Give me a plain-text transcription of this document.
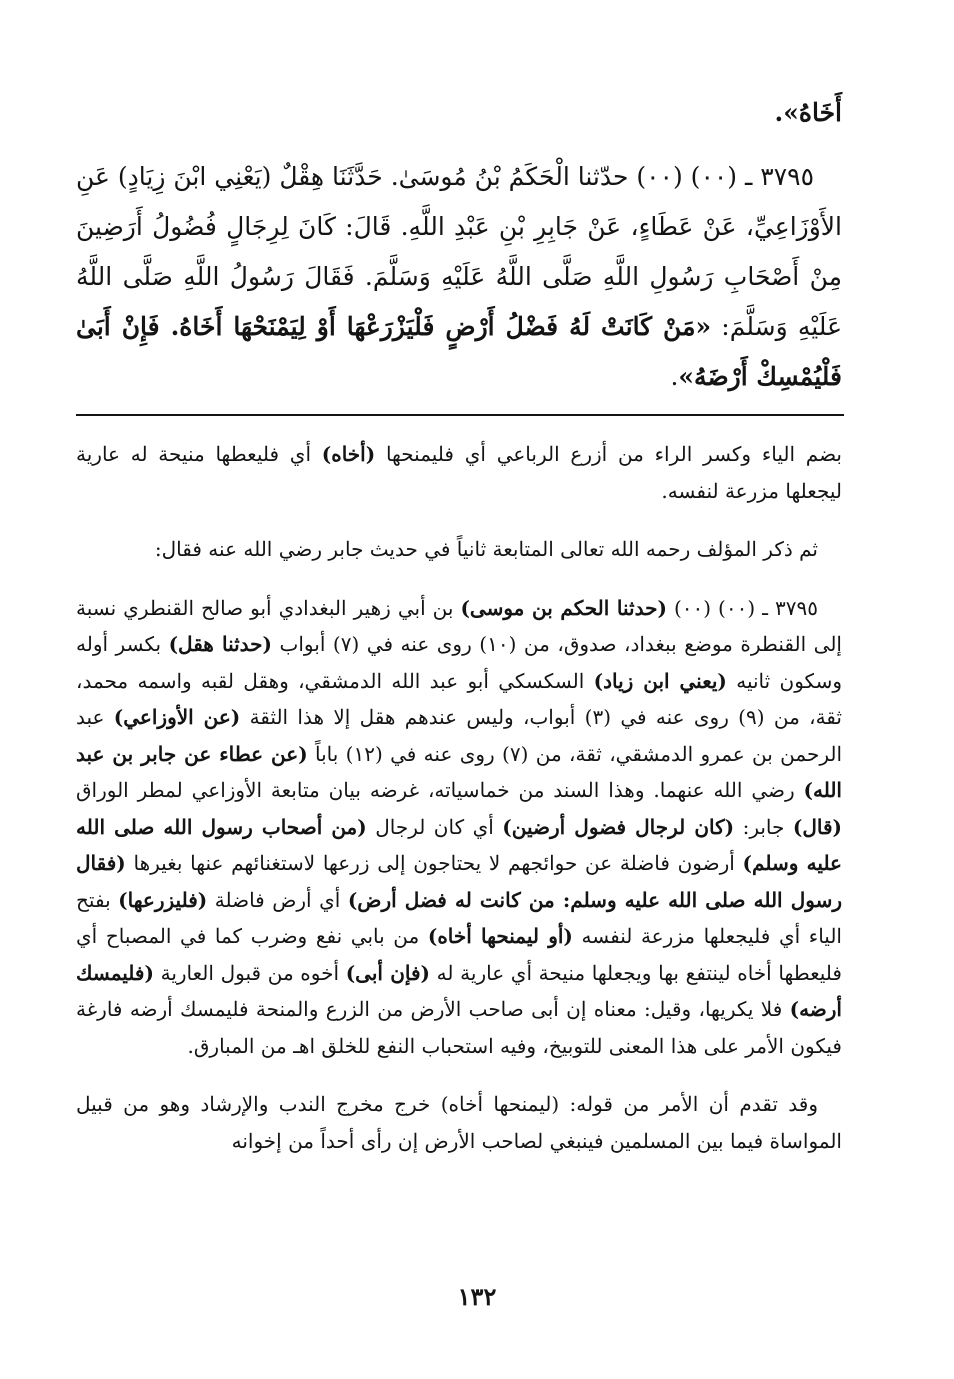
أَخَاهُ».

٣٧٩٥ ـ (٠٠) (٠٠) حدّثنا الْحَكَمُ بْنُ مُوسَىٰ. حَدَّثَنَا هِقْلٌ (يَعْنِي ابْنَ زِيَادٍ) عَنِ الأَوْزَاعِيِّ، عَنْ عَطَاءٍ، عَنْ جَابِرِ بْنِ عَبْدِ اللَّهِ. قَالَ: كَانَ لِرِجَالٍ فُضُولُ أَرَضِينَ مِنْ أَصْحَابِ رَسُولِ اللَّهِ صَلَّى اللَّهُ عَلَيْهِ وَسَلَّمَ. فَقَالَ رَسُولُ اللَّهِ صَلَّى اللَّهُ عَلَيْهِ وَسَلَّمَ: «مَنْ كَانَتْ لَهُ فَضْلُ أَرْضٍ فَلْيَزْرَعْهَا أَوْ لِيَمْنَحْهَا أَخَاهُ. فَإِنْ أَبَىٰ فَلْيُمْسِكْ أَرْضَهُ».

بضم الياء وكسر الراء من أزرع الرباعي أي فليمنحها (أخاه) أي فليعطها منيحة له عارية ليجعلها مزرعة لنفسه.

ثم ذكر المؤلف رحمه الله تعالى المتابعة ثانياً في حديث جابر رضي الله عنه فقال:

٣٧٩٥ ـ (٠٠) (٠٠) (حدثنا الحكم بن موسى) بن أبي زهير البغدادي أبو صالح القنطري نسبة إلى القنطرة موضع ببغداد، صدوق، من (١٠) روى عنه في (٧) أبواب (حدثنا هقل) بكسر أوله وسكون ثانيه (يعني ابن زياد) السكسكي أبو عبد الله الدمشقي، وهقل لقبه واسمه محمد، ثقة، من (٩) روى عنه في (٣) أبواب، وليس عندهم هقل إلا هذا الثقة (عن الأوزاعي) عبد الرحمن بن عمرو الدمشقي، ثقة، من (٧) روى عنه في (١٢) باباً (عن عطاء عن جابر بن عبد الله) رضي الله عنهما. وهذا السند من خماسياته، غرضه بيان متابعة الأوزاعي لمطر الوراق (قال) جابر: (كان لرجال فضول أرضين) أي كان لرجال (من أصحاب رسول الله صلى الله عليه وسلم) أرضون فاضلة عن حوائجهم لا يحتاجون إلى زرعها لاستغنائهم عنها بغيرها (فقال رسول الله صلى الله عليه وسلم: من كانت له فضل أرض) أي أرض فاضلة (فليزرعها) بفتح الياء أي فليجعلها مزرعة لنفسه (أو ليمنحها أخاه) من بابي نفع وضرب كما في المصباح أي فليعطها أخاه لينتفع بها ويجعلها منيحة أي عارية له (فإن أبى) أخوه من قبول العارية (فليمسك أرضه) فلا يكريها، وقيل: معناه إن أبى صاحب الأرض من الزرع والمنحة فليمسك أرضه فارغة فيكون الأمر على هذا المعنى للتوبيخ، وفيه استحباب النفع للخلق اهـ من المبارق.

وقد تقدم أن الأمر من قوله: (ليمنحها أخاه) خرج مخرج الندب والإرشاد وهو من قبيل المواساة فيما بين المسلمين فينبغي لصاحب الأرض إن رأى أحداً من إخوانه

١٣٢
